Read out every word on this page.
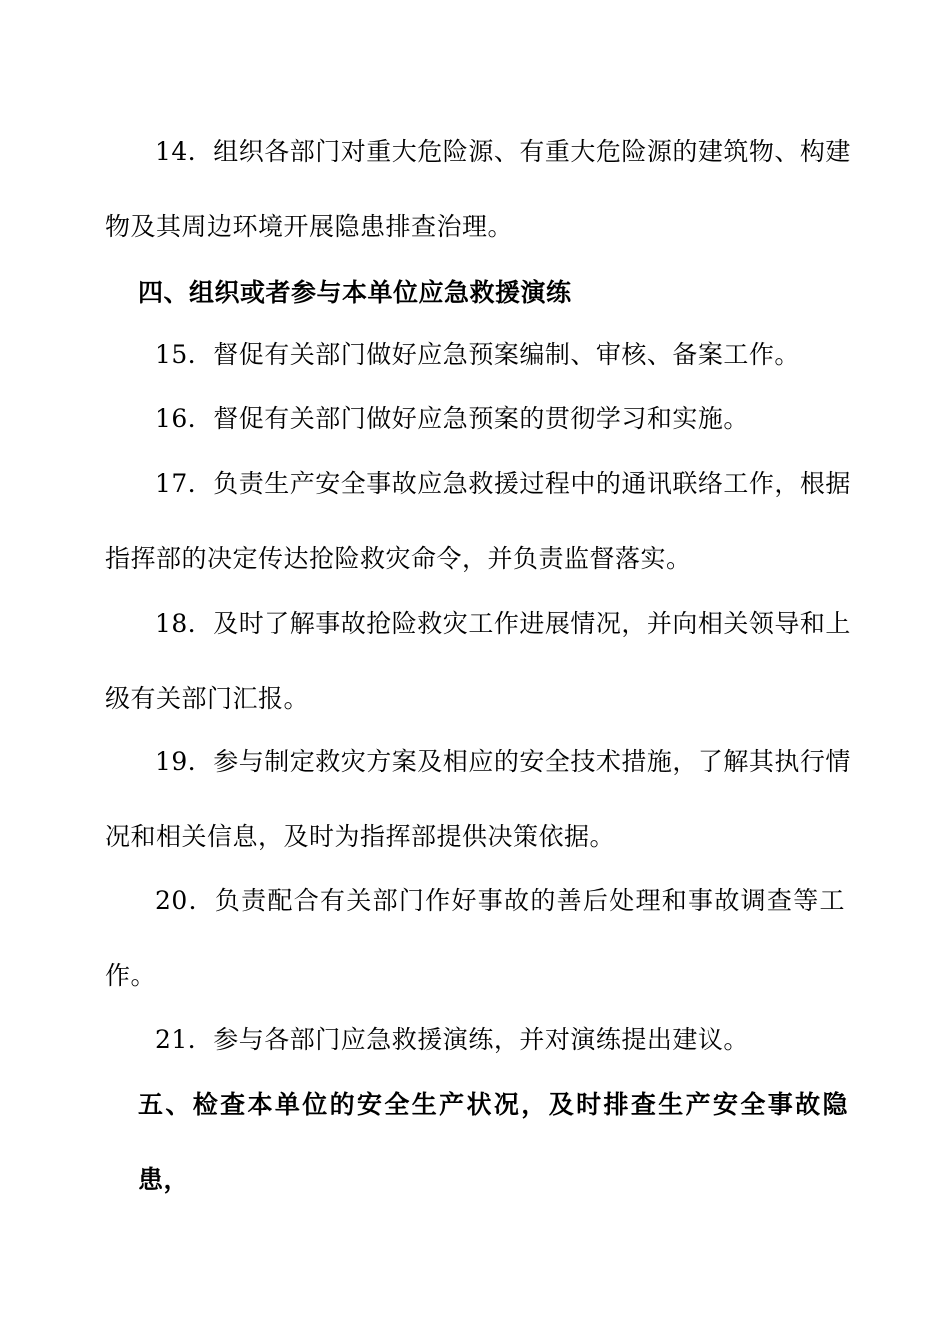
14．组织各部门对重大危险源、有重大危险源的建筑物、构建
物及其周边环境开展隐患排查治理。
四、组织或者参与本单位应急救援演练
15．督促有关部门做好应急预案编制、审核、备案工作。
16．督促有关部门做好应急预案的贯彻学习和实施。
17．负责生产安全事故应急救援过程中的通讯联络工作，根据
指挥部的决定传达抢险救灾命令，并负责监督落实。
18．及时了解事故抢险救灾工作进展情况，并向相关领导和上
级有关部门汇报。
19．参与制定救灾方案及相应的安全技术措施，了解其执行情
况和相关信息，及时为指挥部提供决策依据。
20．负责配合有关部门作好事故的善后处理和事故调查等工
作。
21．参与各部门应急救援演练，并对演练提出建议。
五、检查本单位的安全生产状况，及时排查生产安全事故隐
患，
